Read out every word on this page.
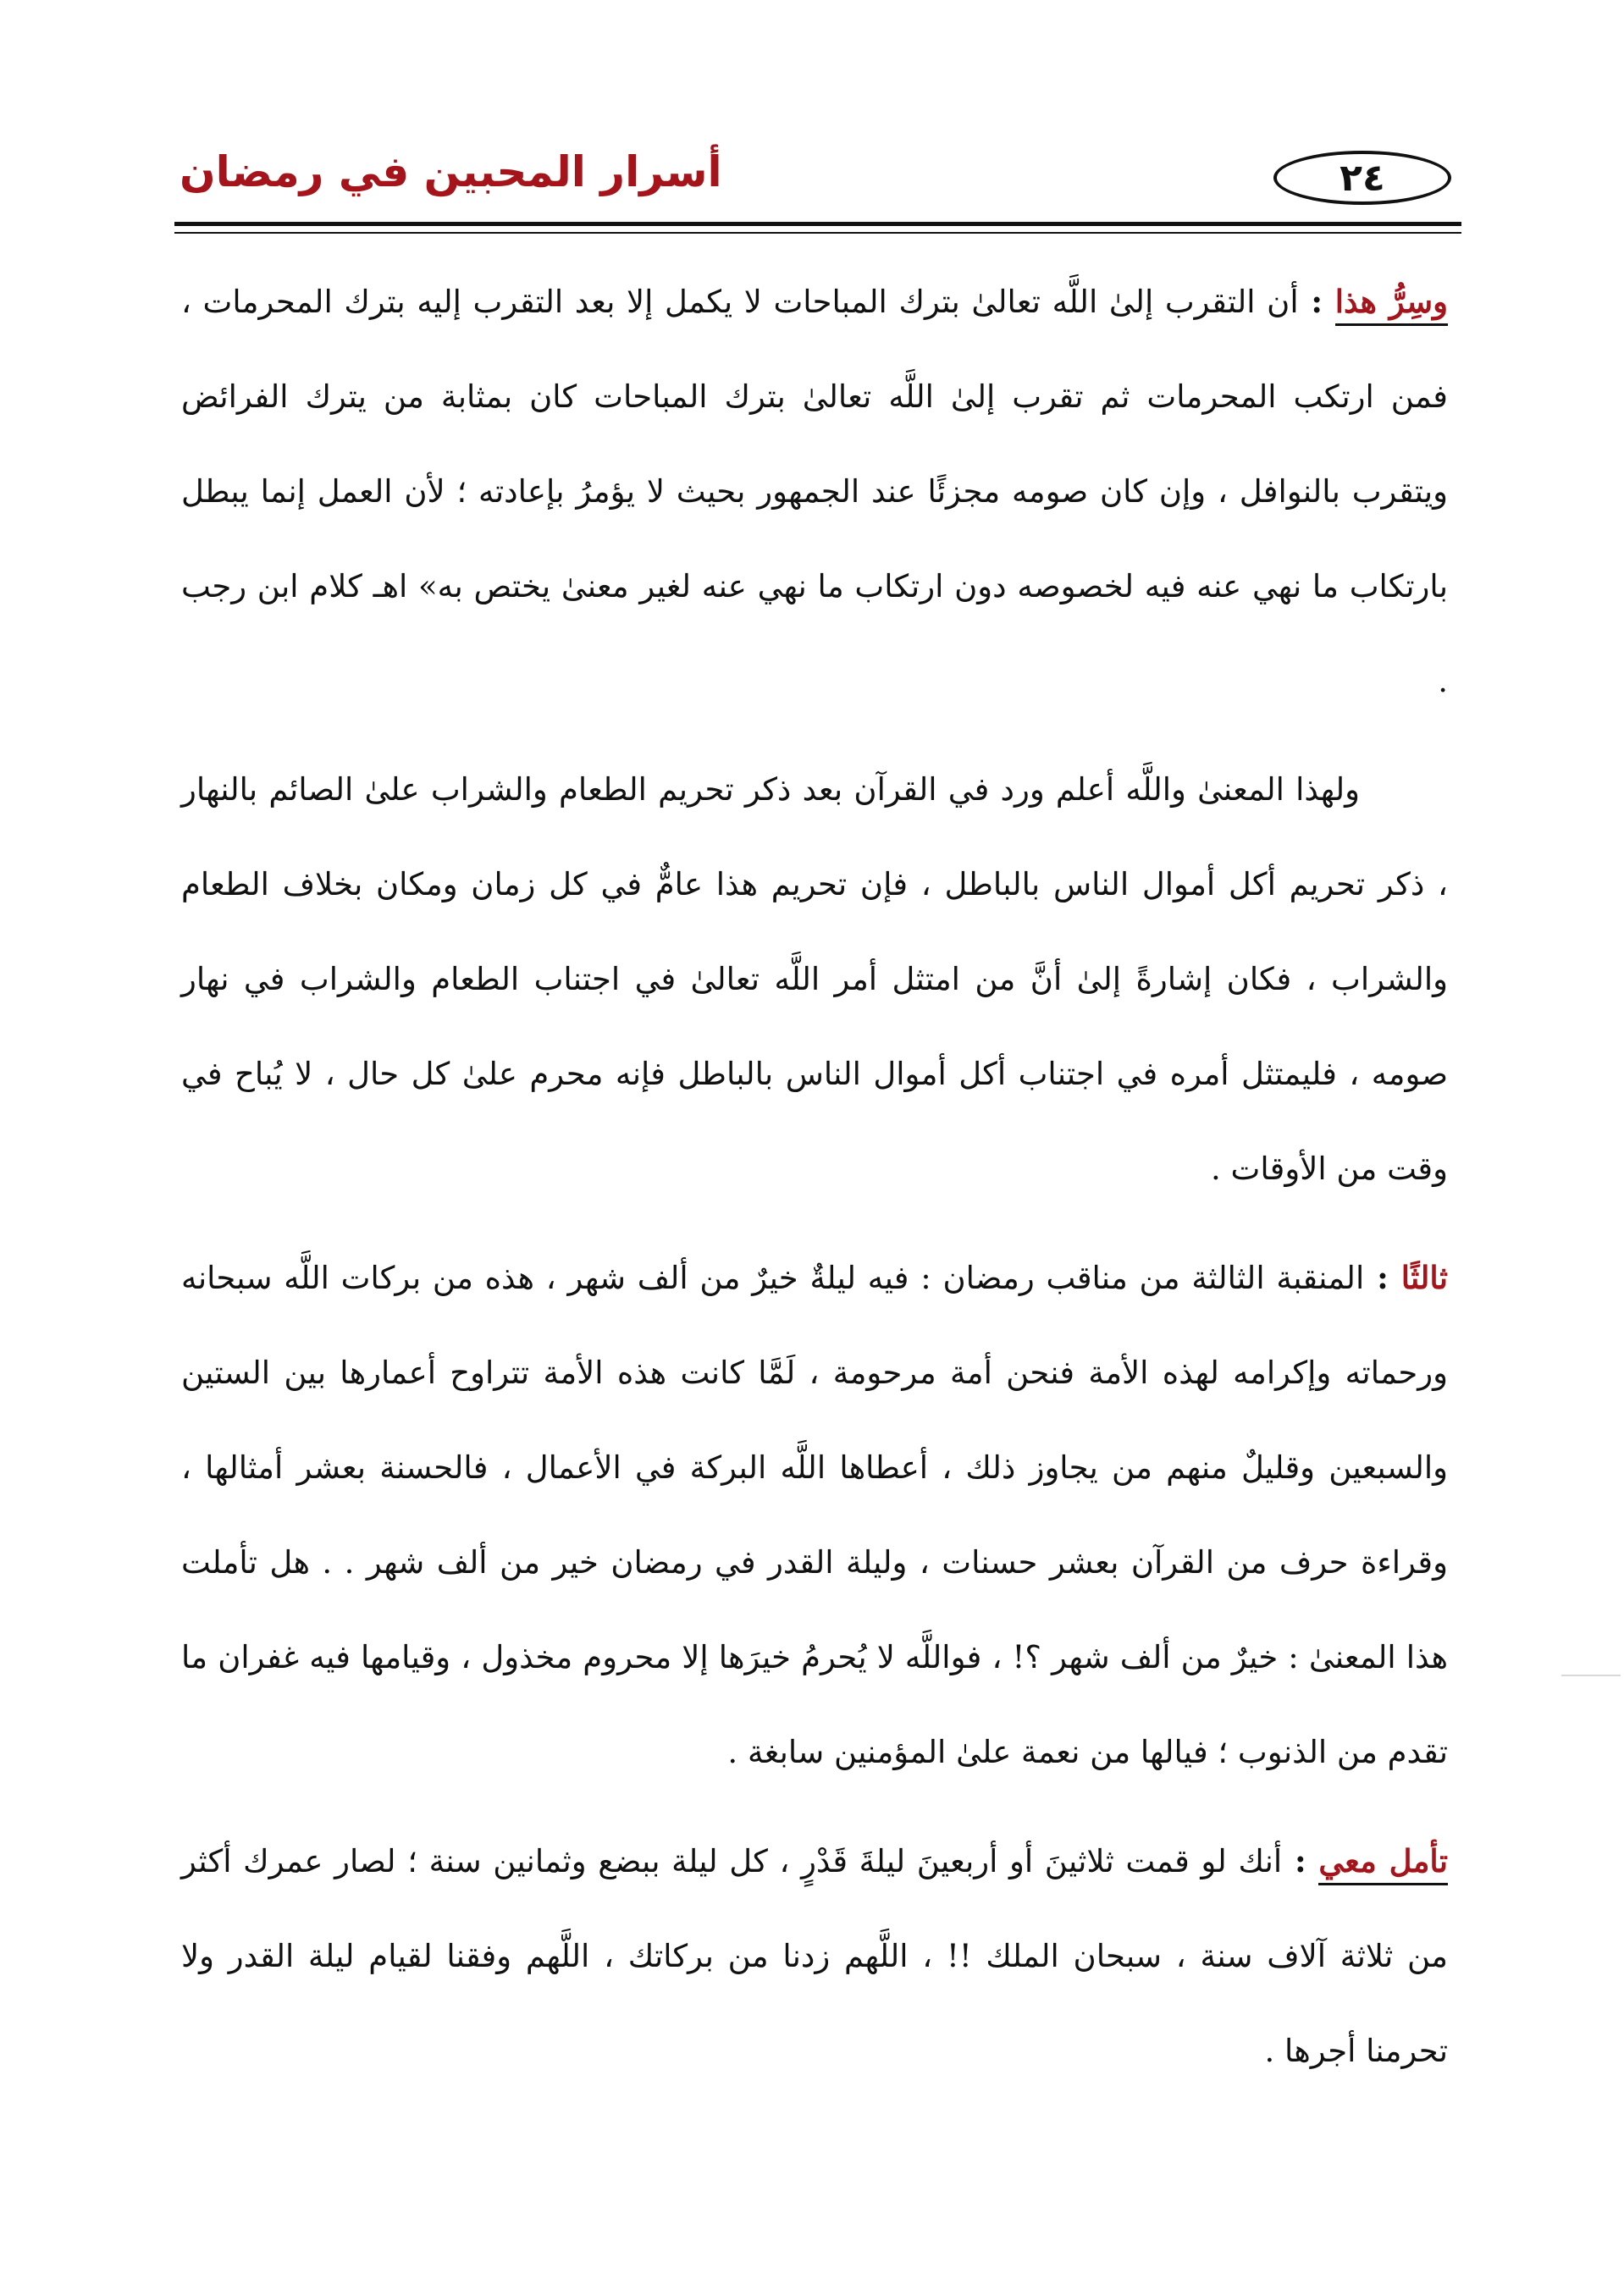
أسرار المحبين في رمضان	٢٤

وسِرُّ هذا : أن التقرب إلىٰ اللَّه تعالىٰ بترك المباحات لا يكمل إلا بعد التقرب إليه بترك المحرمات ، فمن ارتكب المحرمات ثم تقرب إلىٰ اللَّه تعالىٰ بترك المباحات كان بمثابة من يترك الفرائض ويتقرب بالنوافل ، وإن كان صومه مجزئًا عند الجمهور بحيث لا يؤمرُ بإعادته ؛ لأن العمل إنما يبطل بارتكاب ما نهي عنه فيه لخصوصه دون ارتكاب ما نهي عنه لغير معنىٰ يختص به» اهـ كلام ابن رجب .

ولهذا المعنىٰ واللَّه أعلم ورد في القرآن بعد ذكر تحريم الطعام والشراب علىٰ الصائم بالنهار ، ذكر تحريم أكل أموال الناس بالباطل ، فإن تحريم هذا عامٌّ في كل زمان ومكان بخلاف الطعام والشراب ، فكان إشارةً إلىٰ أنَّ من امتثل أمر اللَّه تعالىٰ في اجتناب الطعام والشراب في نهار صومه ، فليمتثل أمره في اجتناب أكل أموال الناس بالباطل فإنه محرم علىٰ كل حال ، لا يُباح في وقت من الأوقات .

ثالثًا : المنقبة الثالثة من مناقب رمضان : فيه ليلةٌ خيرٌ من ألف شهر ، هذه من بركات اللَّه سبحانه ورحماته وإكرامه لهذه الأمة فنحن أمة مرحومة ، لَمَّا كانت هذه الأمة تتراوح أعمارها بين الستين والسبعين وقليلٌ منهم من يجاوز ذلك ، أعطاها اللَّه البركة في الأعمال ، فالحسنة بعشر أمثالها ، وقراءة حرف من القرآن بعشر حسنات ، وليلة القدر في رمضان خير من ألف شهر . . هل تأملت هذا المعنىٰ : خيرٌ من ألف شهر ؟! ، فواللَّه لا يُحرمُ خيرَها إلا محروم مخذول ، وقيامها فيه غفران ما تقدم من الذنوب ؛ فيالها من نعمة علىٰ المؤمنين سابغة .

تأمل معي : أنك لو قمت ثلاثينَ أو أربعينَ ليلةَ قَدْرٍ ، كل ليلة ببضع وثمانين سنة ؛ لصار عمرك أكثر من ثلاثة آلاف سنة ، سبحان الملك !! ، اللَّهم زدنا من بركاتك ، اللَّهم وفقنا لقيام ليلة القدر ولا تحرمنا أجرها .
